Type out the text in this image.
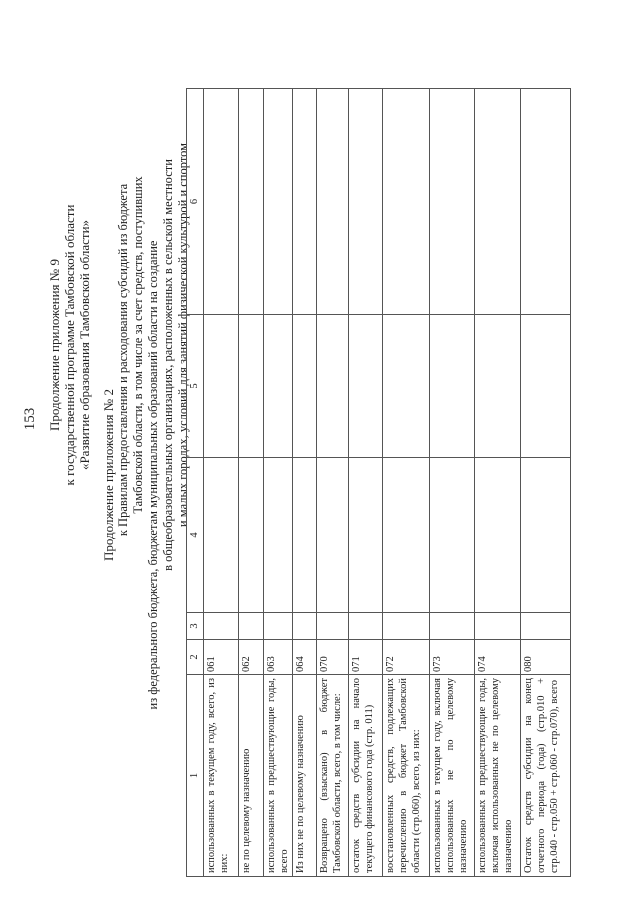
153 Продолжение приложения № 9 к государственной программе Тамбовской области «Развитие образования Тамбовской области»
Продолжение приложения № 2 к Правилам предоставления и расходования субсидий из бюджета Тамбовской области, в том числе за счет средств, поступивших из федерального бюджета, бюджетам муниципальных образований области на создание в общеобразовательных организациях, расположенных в сельской местности и малых городах, условий для занятий физической культурой и спортом
1	2	3	4	5	6
использованных в текущем году, всего, из них:	061				
не по целевому назначению	062				
использованных в предшествующие годы, всего	063				
Из них не по целевому назначению	064				
Возвращено (взыскано) в бюджет Тамбовской области, всего, в том числе:	070				
остаток средств субсидии на начало текущего финансового года (стр. 011)	071				
восстановленных средств, подлежащих перечислению в бюджет Тамбовской области (стр.060), всего, из них:	072				
использованных в текущем году, включая использованных не по целевому назначению	073				
использованных в предшествующие годы, включая использованных не по целевому назначению	074				
Остаток средств субсидии на конец отчетного периода (года) (стр.010 + стр.040 - стр.050 + стр.060 - стр.070), всего	080				
